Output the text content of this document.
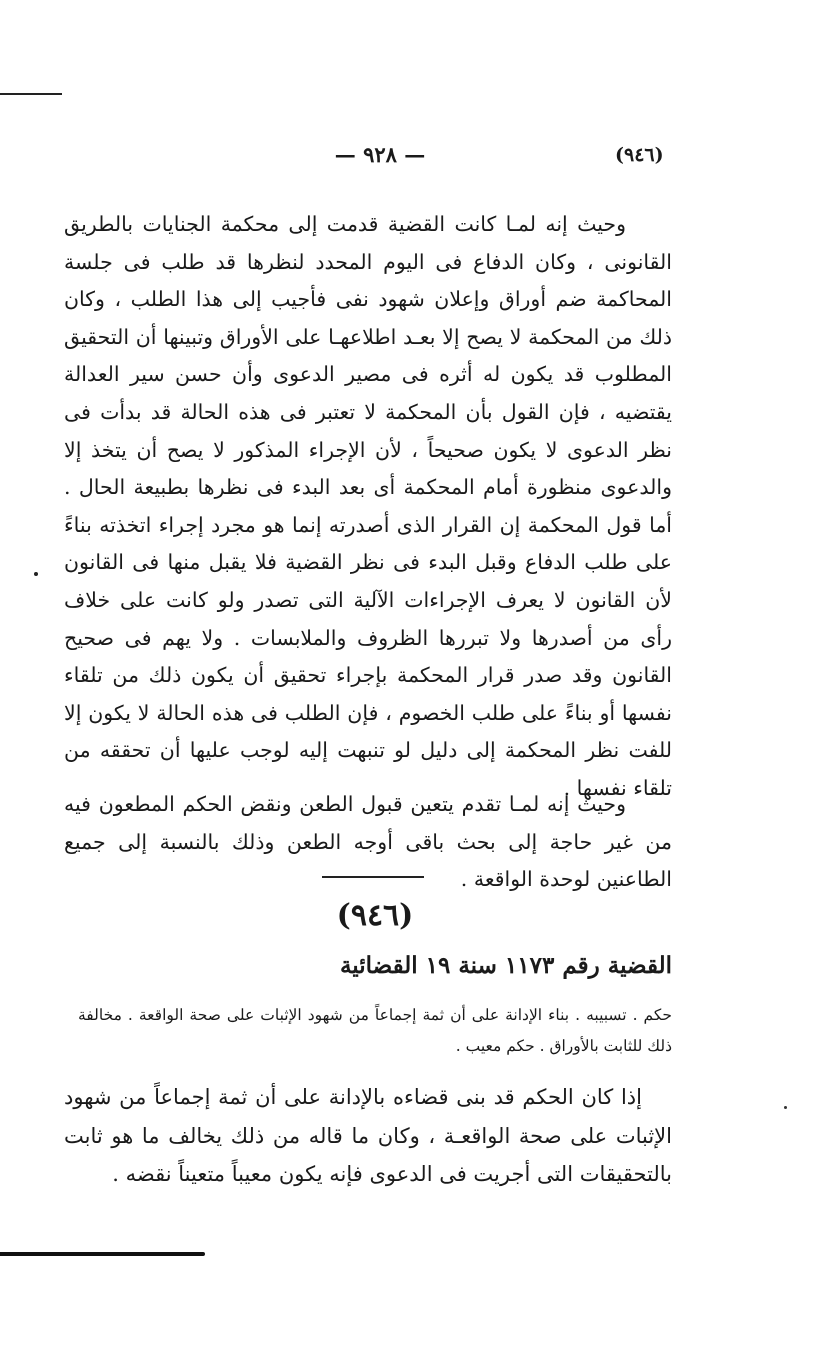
— ٩٢٨ —	(٩٤٦)

وحيث إنه لمـا كانت القضية قدمت إلى محكمة الجنايات بالطريق القانونى ، وكان الدفاع فى اليوم المحدد لنظرها قد طلب فى جلسة المحاكمة ضم أوراق وإعلان شهود نفى فأجيب إلى هذا الطلب ، وكان ذلك من المحكمة لا يصح إلا بعـد اطلاعهـا على الأوراق وتبينها أن التحقيق المطلوب قد يكون له أثره فى مصير الدعوى وأن حسن سير العدالة يقتضيه ، فإن القول بأن المحكمة لا تعتبر فى هذه الحالة قد بدأت فى نظر الدعوى لا يكون صحيحاً ، لأن الإجراء المذكور لا يصح أن يتخذ إلا والدعوى منظورة أمام المحكمة أى بعد البدء فى نظرها بطبيعة الحال . أما قول المحكمة إن القرار الذى أصدرته إنما هو مجرد إجراء اتخذته بناءً على طلب الدفاع وقبل البدء فى نظر القضية فلا يقبل منها فى القانون لأن القانون لا يعرف الإجراءات الآلية التى تصدر ولو كانت على خلاف رأى من أصدرها ولا تبررها الظروف والملابسات . ولا يهم فى صحيح القانون وقد صدر قرار المحكمة بإجراء تحقيق أن يكون ذلك من تلقاء نفسها أو بناءً على طلب الخصوم ، فإن الطلب فى هذه الحالة لا يكون إلا للفت نظر المحكمة إلى دليل لو تنبهت إليه لوجب عليها أن تحققه من تلقاء نفسها .

وحيث إنه لمـا تقدم يتعين قبول الطعن ونقض الحكم المطعون فيه من غير حاجة إلى بحث باقى أوجه الطعن وذلك بالنسبة إلى جميع الطاعنين لوحدة الواقعة .

(٩٤٦)
القضية رقم ١١٧٣ سنة ١٩ القضائية

حكم . تسبيبه . بناء الإدانة على أن ثمة إجماعاً من شهود الإثبات على صحة الواقعة . مخالفة ذلك للثابت بالأوراق . حكم معيب .

إذا كان الحكم قد بنى قضاءه بالإدانة على أن ثمة إجماعاً من شهود الإثبات على صحة الواقعـة ، وكان ما قاله من ذلك يخالف ما هو ثابت بالتحقيقات التى أجريت فى الدعوى فإنه يكون معيباً متعيناً نقضه .
